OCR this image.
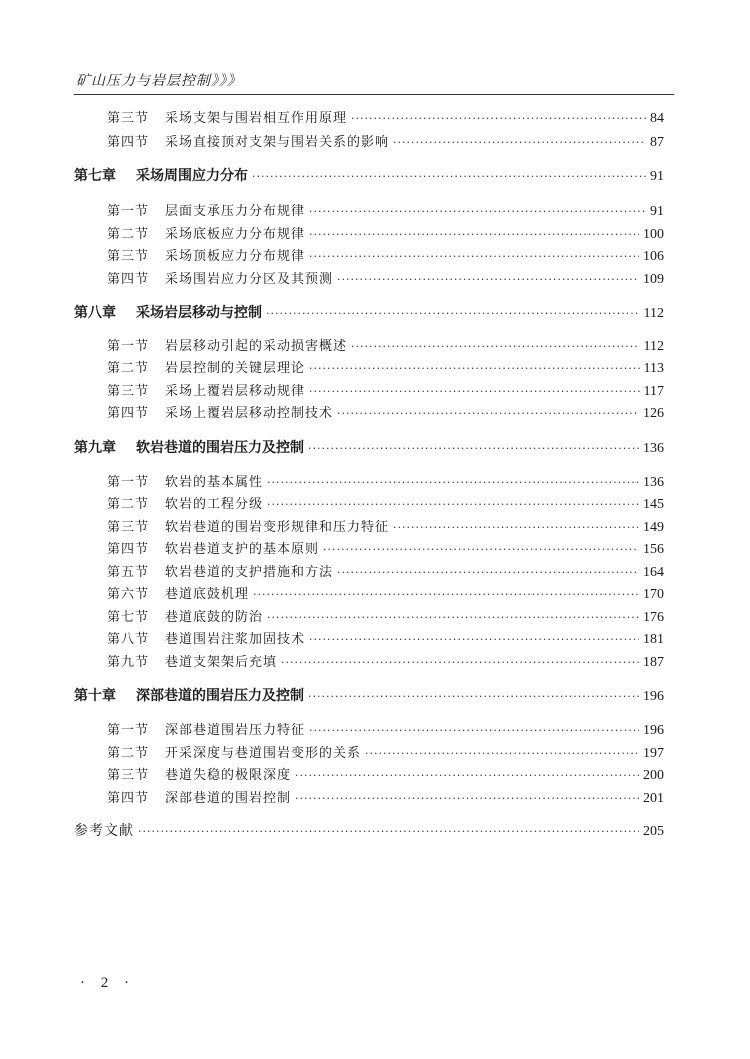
矿山压力与岩层控制》》》
第三节	采场支架与围岩相互作用原理 ·····	84
第四节	采场直接顶对支架与围岩关系的影响 ·····	87
第七章	采场周围应力分布 ·····	91
第一节	层面支承压力分布规律 ·····	91
第二节	采场底板应力分布规律 ·····	100
第三节	采场顶板应力分布规律 ·····	106
第四节	采场围岩应力分区及其预测 ·····	109
第八章	采场岩层移动与控制 ·····	112
第一节	岩层移动引起的采动损害概述 ·····	112
第二节	岩层控制的关键层理论 ·····	113
第三节	采场上覆岩层移动规律 ·····	117
第四节	采场上覆岩层移动控制技术 ·····	126
第九章	软岩巷道的围岩压力及控制 ·····	136
第一节	软岩的基本属性 ·····	136
第二节	软岩的工程分级 ·····	145
第三节	软岩巷道的围岩变形规律和压力特征 ·····	149
第四节	软岩巷道支护的基本原则 ·····	156
第五节	软岩巷道的支护措施和方法 ·····	164
第六节	巷道底鼓机理 ·····	170
第七节	巷道底鼓的防治 ·····	176
第八节	巷道围岩注浆加固技术 ·····	181
第九节	巷道支架架后充填 ·····	187
第十章	深部巷道的围岩压力及控制 ·····	196
第一节	深部巷道围岩压力特征 ·····	196
第二节	开采深度与巷道围岩变形的关系 ·····	197
第三节	巷道失稳的极限深度 ·····	200
第四节	深部巷道的围岩控制 ·····	201
参考文献 ·····	205
· 2 ·
